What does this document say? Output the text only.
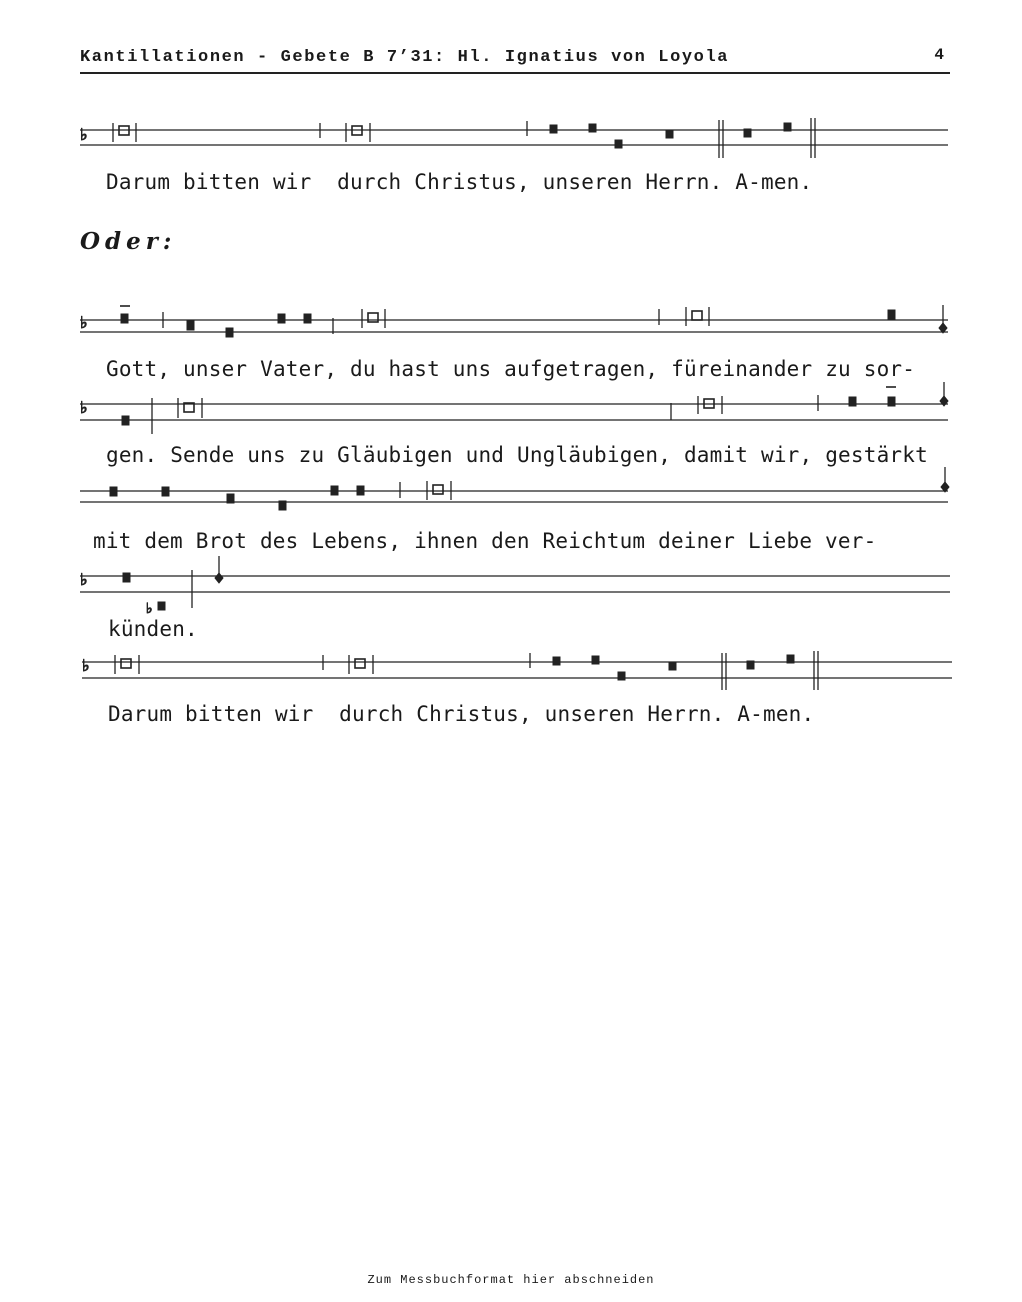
Kantillationen - Gebete B 7’31: Hl. Ignatius von Loyola	4
♭
♭
♭
♭
♭
♭
Darum bitten wir  durch Christus, unseren Herrn. A-men.
Oder:
Gott, unser Vater, du hast uns aufgetragen, füreinander zu sor-
gen. Sende uns zu Gläubigen und Ungläubigen, damit wir, gestärkt
mit dem Brot des Lebens, ihnen den Reichtum deiner Liebe ver-
künden.
Darum bitten wir  durch Christus, unseren Herrn. A-men.
Zum Messbuchformat hier abschneiden
